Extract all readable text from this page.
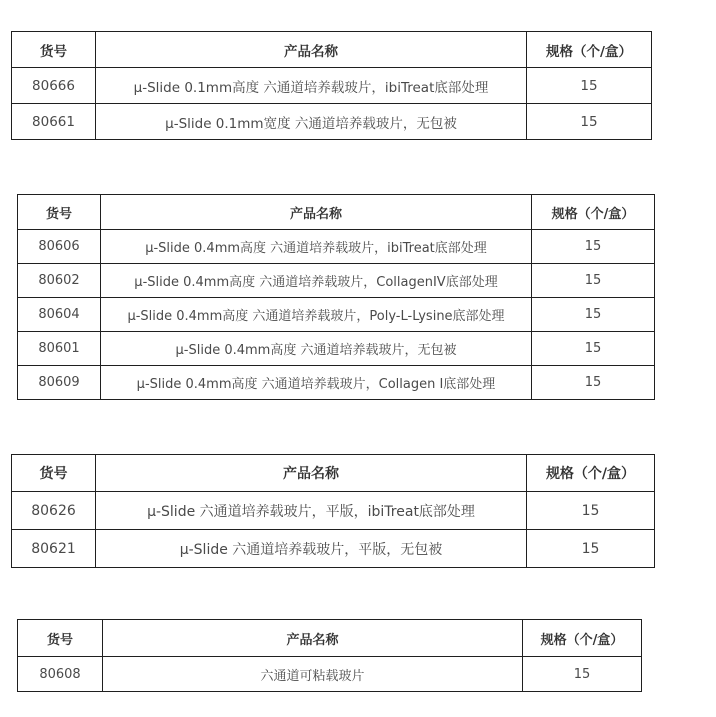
货号	产品名称	规格（个/盒）
80666	μ-Slide 0.1mm高度 六通道培养载玻片，ibiTreat底部处理	15
80661	μ-Slide 0.1mm宽度 六通道培养载玻片，无包被	15
货号	产品名称	规格（个/盒）
80606	μ-Slide 0.4mm高度 六通道培养载玻片，ibiTreat底部处理	15
80602	μ-Slide 0.4mm高度 六通道培养载玻片，CollagenIV底部处理	15
80604	μ-Slide 0.4mm高度 六通道培养载玻片，Poly-L-Lysine底部处理	15
80601	μ-Slide 0.4mm高度 六通道培养载玻片，无包被	15
80609	μ-Slide 0.4mm高度 六通道培养载玻片，Collagen I底部处理	15
货号	产品名称	规格（个/盒）
80626	μ-Slide 六通道培养载玻片，平版，ibiTreat底部处理	15
80621	μ-Slide 六通道培养载玻片，平版，无包被	15
货号	产品名称	规格（个/盒）
80608	六通道可粘载玻片	15
